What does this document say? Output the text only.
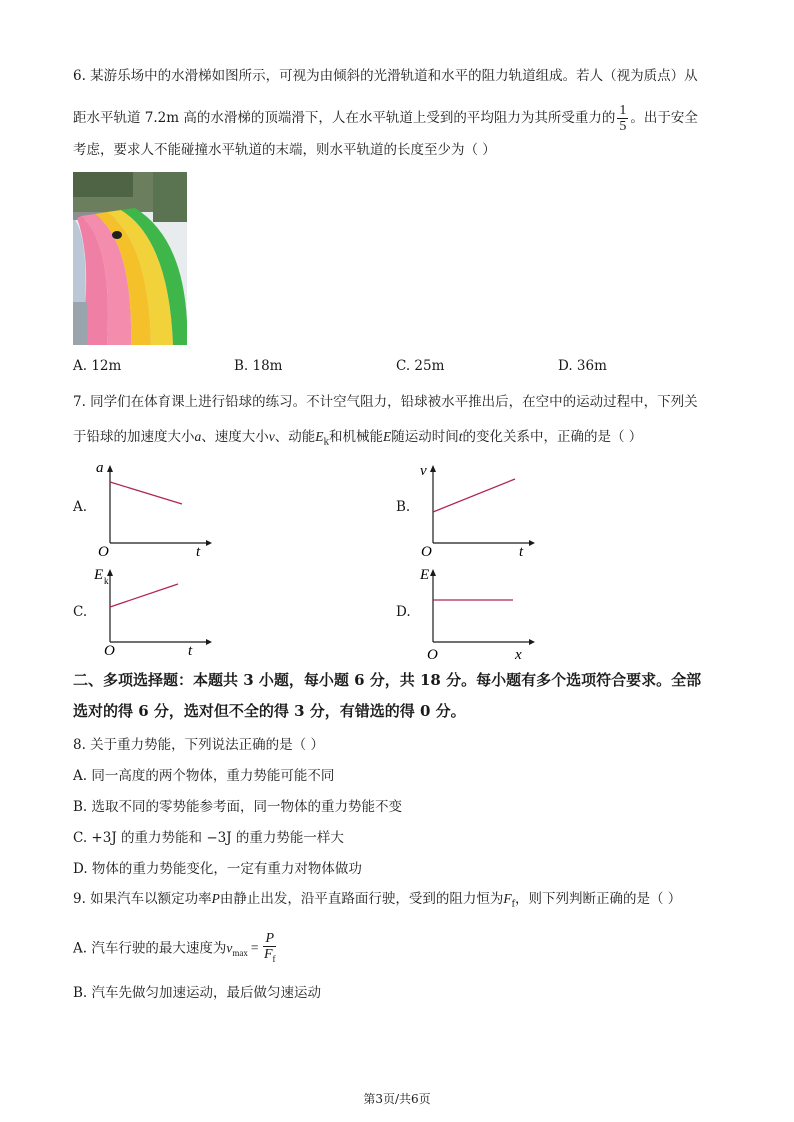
6. 某游乐场中的水滑梯如图所示，可视为由倾斜的光滑轨道和水平的阻力轨道组成。若人（视为质点）从
距水平轨道 7.2m 高的水滑梯的顶端滑下，人在水平轨道上受到的平均阻力为其所受重力的 $\frac{1}{5}$ 。出于安全
考虑，要求人不能碰撞水平轨道的末端，则水平轨道的长度至少为（ ）
A. 12m	B. 18m	C. 25m	D. 36m
7. 同学们在体育课上进行铅球的练习。不计空气阻力，铅球被水平推出后，在空中的运动过程中，下列关
于铅球的加速度大小a、速度大小v、动能$E_k$和机械能E随运动时间t的变化关系中，正确的是（ ）
A.
a
O	t
B.
v
O	t
C.
E k
O	t
D.
E
O	x
二、多项选择题：本题共 3 小题，每小题 6 分，共 18 分。每小题有多个选项符合要求。全部
选对的得 6 分，选对但不全的得 3 分，有错选的得 0 分。
8. 关于重力势能，下列说法正确的是（ ）
A. 同一高度的两个物体，重力势能可能不同
B. 选取不同的零势能参考面，同一物体的重力势能不变
C. +3J 的重力势能和 −3J 的重力势能一样大
D. 物体的重力势能变化，一定有重力对物体做功
9. 如果汽车以额定功率P由静止出发，沿平直路面行驶，受到的阻力恒为$F_f$，则下列判断正确的是（ ）
A. 汽车行驶的最大速度为$v_{max} = \frac{P}{F_f}$
B. 汽车先做匀加速运动，最后做匀速运动
第3页/共6页
